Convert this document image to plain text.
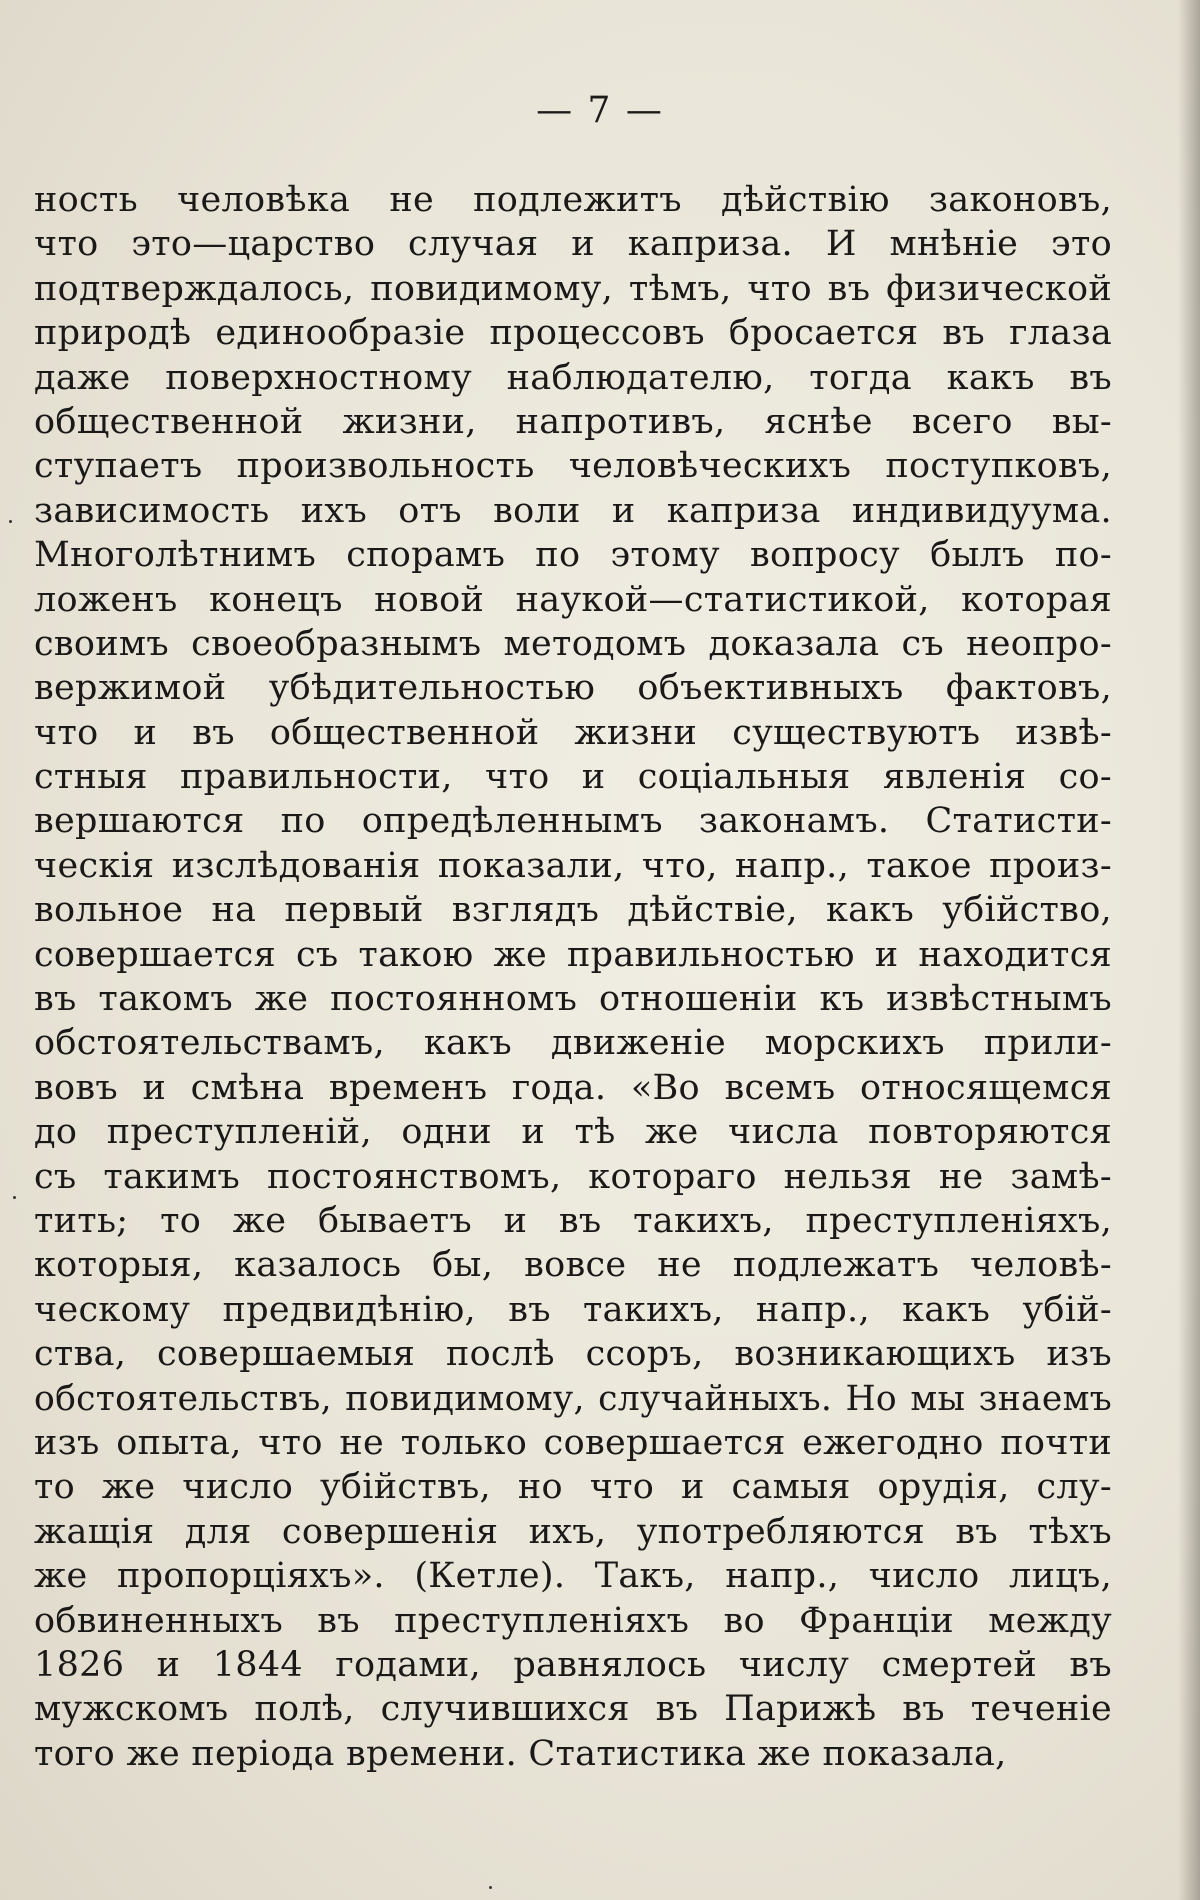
— 7 —
ность человѣка не подлежитъ дѣйствію законовъ,
что это—царство случая и каприза. И мнѣніе это
подтверждалось, повидимому, тѣмъ, что въ физической
природѣ единообразіе процессовъ бросается въ глаза
даже поверхностному наблюдателю, тогда какъ въ
общественной жизни, напротивъ, яснѣе всего вы-
ступаетъ произвольность человѣческихъ поступковъ,
зависимость ихъ отъ воли и каприза индивидуума.
Многолѣтнимъ спорамъ по этому вопросу былъ по-
ложенъ конецъ новой наукой—статистикой, которая
своимъ своеобразнымъ методомъ доказала съ неопро-
вержимой убѣдительностью объективныхъ фактовъ,
что и въ общественной жизни существуютъ извѣ-
стныя правильности, что и соціальныя явленія со-
вершаются по опредѣленнымъ законамъ. Статисти-
ческія изслѣдованія показали, что, напр., такое произ-
вольное на первый взглядъ дѣйствіе, какъ убійство,
совершается съ такою же правильностью и находится
въ такомъ же постоянномъ отношеніи къ извѣстнымъ
обстоятельствамъ, какъ движеніе морскихъ прили-
вовъ и смѣна временъ года. «Во всемъ относящемся
до преступленій, одни и тѣ же числа повторяются
съ такимъ постоянствомъ, котораго нельзя не замѣ-
тить; то же бываетъ и въ такихъ, преступленіяхъ,
которыя, казалось бы, вовсе не подлежатъ человѣ-
ческому предвидѣнію, въ такихъ, напр., какъ убій-
ства, совершаемыя послѣ ссоръ, возникающихъ изъ
обстоятельствъ, повидимому, случайныхъ. Но мы знаемъ
изъ опыта, что не только совершается ежегодно почти
то же число убійствъ, но что и самыя орудія, слу-
жащія для совершенія ихъ, употребляются въ тѣхъ
же пропорціяхъ». (Кетле). Такъ, напр., число лицъ,
обвиненныхъ въ преступленіяхъ во Франціи между
1826 и 1844 годами, равнялось числу смертей въ
мужскомъ полѣ, случившихся въ Парижѣ въ теченіе
того же періода времени. Статистика же показала,
